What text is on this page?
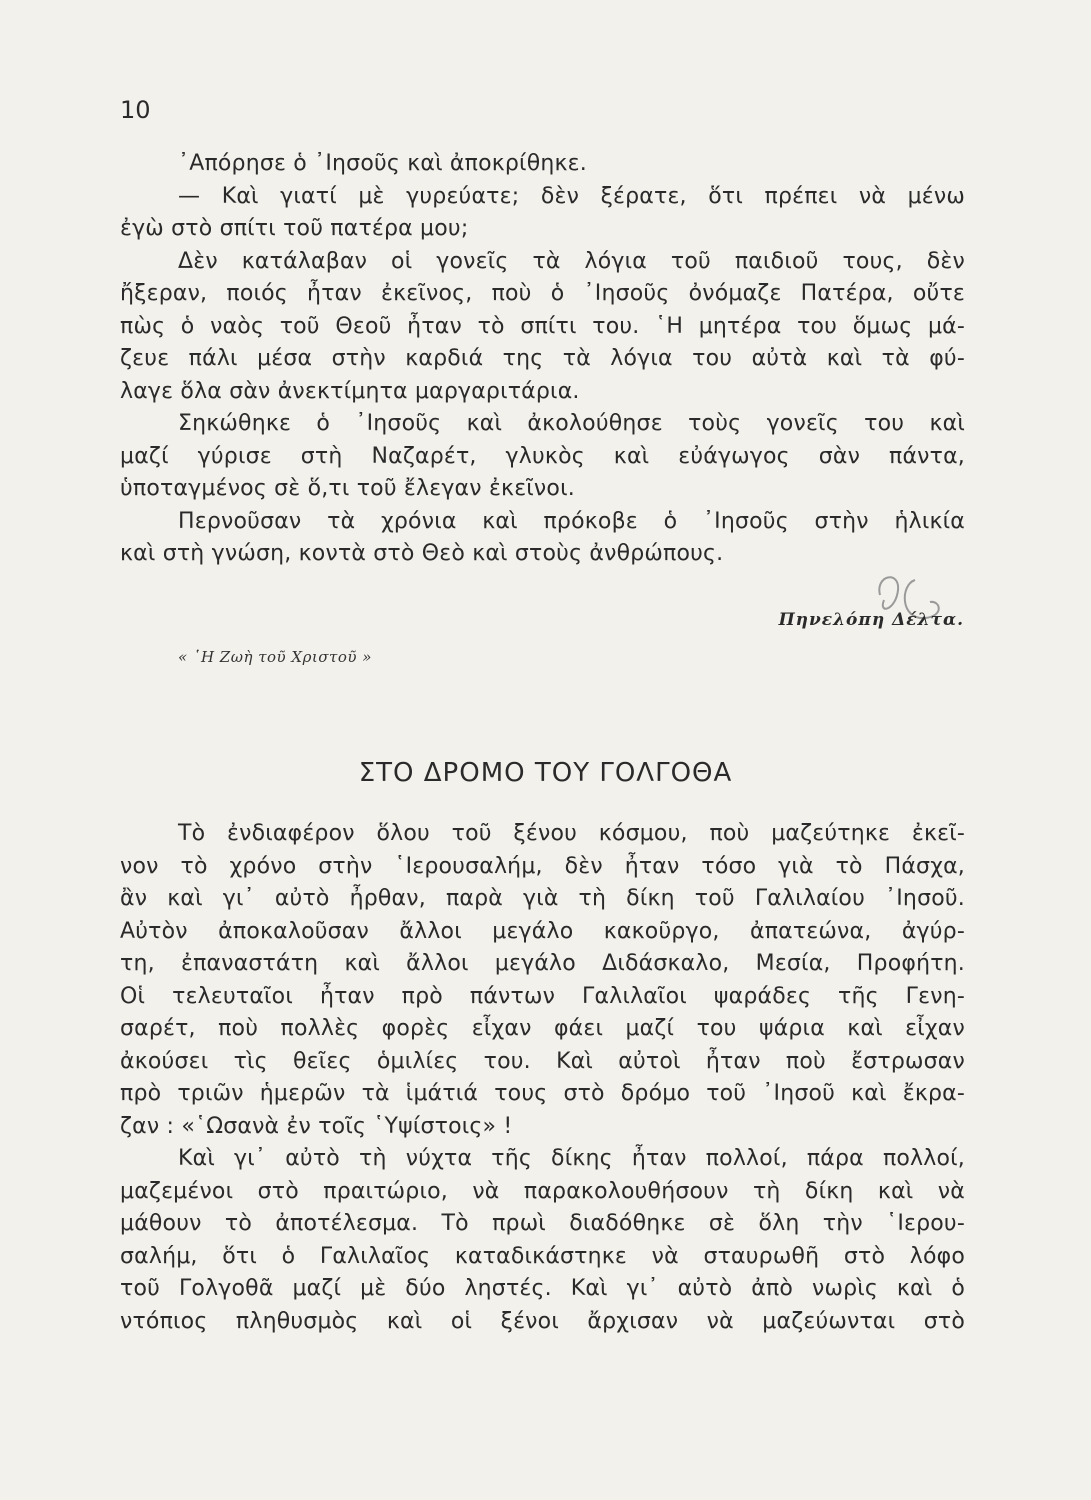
10
᾿Απόρησε ὁ ᾿Ιησοῦς καὶ ἀποκρίθηκε.
— Καὶ γιατί μὲ γυρεύατε; δὲν ξέρατε, ὅτι πρέπει νὰ μένω
ἐγὼ στὸ σπίτι τοῦ πατέρα μου;
Δὲν κατάλαβαν οἱ γονεῖς τὰ λόγια τοῦ παιδιοῦ τους, δὲν
ἤξεραν, ποιός ἦταν ἐκεῖνος, ποὺ ὁ ᾿Ιησοῦς ὀνόμαζε Πατέρα, οὔτε
πὼς ὁ ναὸς τοῦ Θεοῦ ἦταν τὸ σπίτι του. ῾Η μητέρα του ὅμως μά-
ζευε πάλι μέσα στὴν καρδιά της τὰ λόγια του αὐτὰ καὶ τὰ φύ-
λαγε ὅλα σὰν ἀνεκτίμητα μαργαριτάρια.
Σηκώθηκε ὁ ᾿Ιησοῦς καὶ ἀκολούθησε τοὺς γονεῖς του καὶ
μαζί γύρισε στὴ Ναζαρέτ, γλυκὸς καὶ εὐάγωγος σὰν πάντα,
ὑποταγμένος σὲ ὅ,τι τοῦ ἔλεγαν ἐκεῖνοι.
Περνοῦσαν τὰ χρόνια καὶ πρόκοβε ὁ ᾿Ιησοῦς στὴν ἡλικία
καὶ στὴ γνώση, κοντὰ στὸ Θεὸ καὶ στοὺς ἀνθρώπους.
Πηνελόπη Δέλτα.
« ῾Η Ζωὴ τοῦ Χριστοῦ »
ΣΤΟ ΔΡΟΜΟ ΤΟΥ ΓΟΛΓΟΘΑ
Τὸ ἐνδιαφέρον ὅλου τοῦ ξένου κόσμου, ποὺ μαζεύτηκε ἐκεῖ-
νον τὸ χρόνο στὴν ῾Ιερουσαλήμ, δὲν ἦταν τόσο γιὰ τὸ Πάσχα,
ἂν καὶ γι᾿ αὐτὸ ἦρθαν, παρὰ γιὰ τὴ δίκη τοῦ Γαλιλαίου ᾿Ιησοῦ.
Αὐτὸν ἀποκαλοῦσαν ἄλλοι μεγάλο κακοῦργο, ἀπατεώνα, ἀγύρ-
τη, ἐπαναστάτη καὶ ἄλλοι μεγάλο Διδάσκαλο, Μεσία, Προφήτη.
Οἱ τελευταῖοι ἦταν πρὸ πάντων Γαλιλαῖοι ψαράδες τῆς Γενη-
σαρέτ, ποὺ πολλὲς φορὲς εἶχαν φάει μαζί του ψάρια καὶ εἶχαν
ἀκούσει τὶς θεῖες ὁμιλίες του. Καὶ αὐτοὶ ἦταν ποὺ ἔστρωσαν
πρὸ τριῶν ἡμερῶν τὰ ἱμάτιά τους στὸ δρόμο τοῦ ᾿Ιησοῦ καὶ ἔκρα-
ζαν : «῾Ωσανὰ ἐν τοῖς ῾Υψίστοις» !
Καὶ γι᾿ αὐτὸ τὴ νύχτα τῆς δίκης ἦταν πολλοί, πάρα πολλοί,
μαζεμένοι στὸ πραιτώριο, νὰ παρακολουθήσουν τὴ δίκη καὶ νὰ
μάθουν τὸ ἀποτέλεσμα. Τὸ πρωὶ διαδόθηκε σὲ ὅλη τὴν ῾Ιερου-
σαλήμ, ὅτι ὁ Γαλιλαῖος καταδικάστηκε νὰ σταυρωθῆ στὸ λόφο
τοῦ Γολγοθᾶ μαζί μὲ δύο ληστές. Καὶ γι᾿ αὐτὸ ἀπὸ νωρὶς καὶ ὁ
ντόπιος πληθυσμὸς καὶ οἱ ξένοι ἄρχισαν νὰ μαζεύωνται στὸ
